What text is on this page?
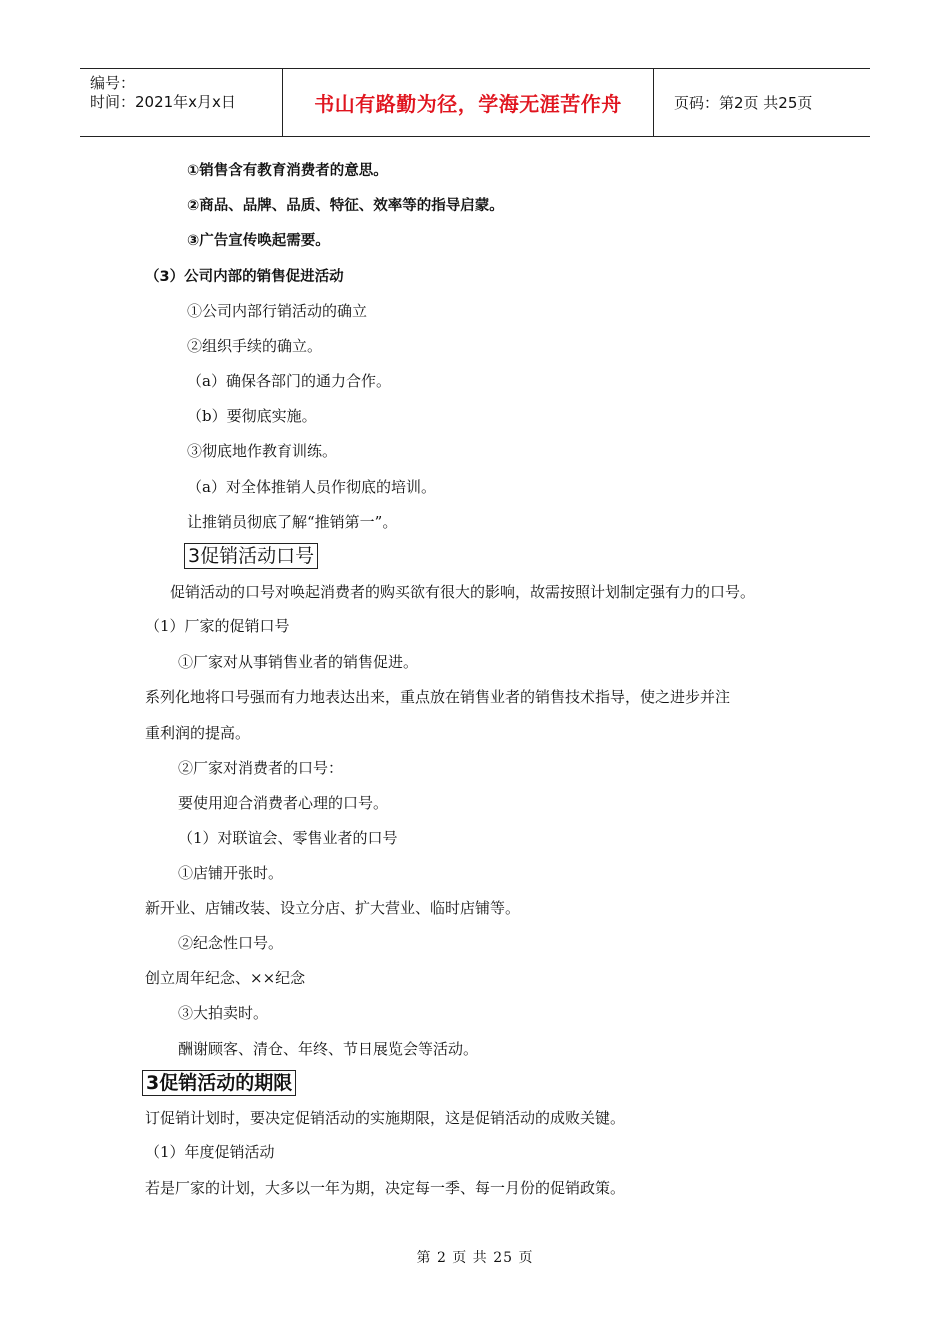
编号：
时间：2021年x月x日	书山有路勤为径，学海无涯苦作舟	页码：第2页 共25页
①销售含有教育消费者的意思。
②商品、品牌、品质、特征、效率等的指导启蒙。
③广告宣传唤起需要。
（3）公司内部的销售促进活动
①公司内部行销活动的确立
②组织手续的确立。
（a）确保各部门的通力合作。
（b）要彻底实施。
③彻底地作教育训练。
（a）对全体推销人员作彻底的培训。
让推销员彻底了解“推销第一”。
3促销活动口号
促销活动的口号对唤起消费者的购买欲有很大的影响，故需按照计划制定强有力的口号。
（1）厂家的促销口号
①厂家对从事销售业者的销售促进。
系列化地将口号强而有力地表达出来，重点放在销售业者的销售技术指导，使之进步并注
重利润的提高。
②厂家对消费者的口号：
要使用迎合消费者心理的口号。
（1）对联谊会、零售业者的口号
①店铺开张时。
新开业、店铺改装、设立分店、扩大营业、临时店铺等。
②纪念性口号。
创立周年纪念、××纪念
③大拍卖时。
酬谢顾客、清仓、年终、节日展览会等活动。
3促销活动的期限
订促销计划时，要决定促销活动的实施期限，这是促销活动的成败关键。
（1）年度促销活动
若是厂家的计划，大多以一年为期，决定每一季、每一月份的促销政策。
第 2 页 共 25 页
